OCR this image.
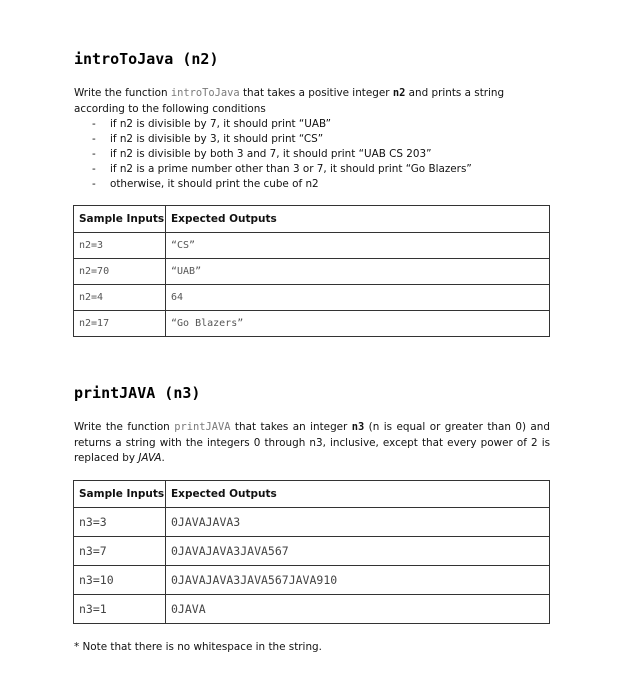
introToJava (n2)
Write the function introToJava that takes a positive integer n2 and prints a string according to the following conditions
- if n2 is divisible by 7, it should print “UAB”
- if n2 is divisible by 3, it should print “CS”
- if n2 is divisible by both 3 and 7, it should print “UAB CS 203”
- if n2 is a prime number other than 3 or 7, it should print “Go Blazers”
- otherwise, it should print the cube of n2
Sample Inputs	Expected Outputs
n2=3	“CS”
n2=70	“UAB”
n2=4	64
n2=17	“Go Blazers”
printJAVA (n3)
Write the function printJAVA that takes an integer n3 (n is equal or greater than 0) and returns a string with the integers 0 through n3, inclusive, except that every power of 2 is replaced by JAVA.
Sample Inputs	Expected Outputs
n3=3	0JAVAJAVA3
n3=7	0JAVAJAVA3JAVA567
n3=10	0JAVAJAVA3JAVA567JAVA910
n3=1	0JAVA
* Note that there is no whitespace in the string.
